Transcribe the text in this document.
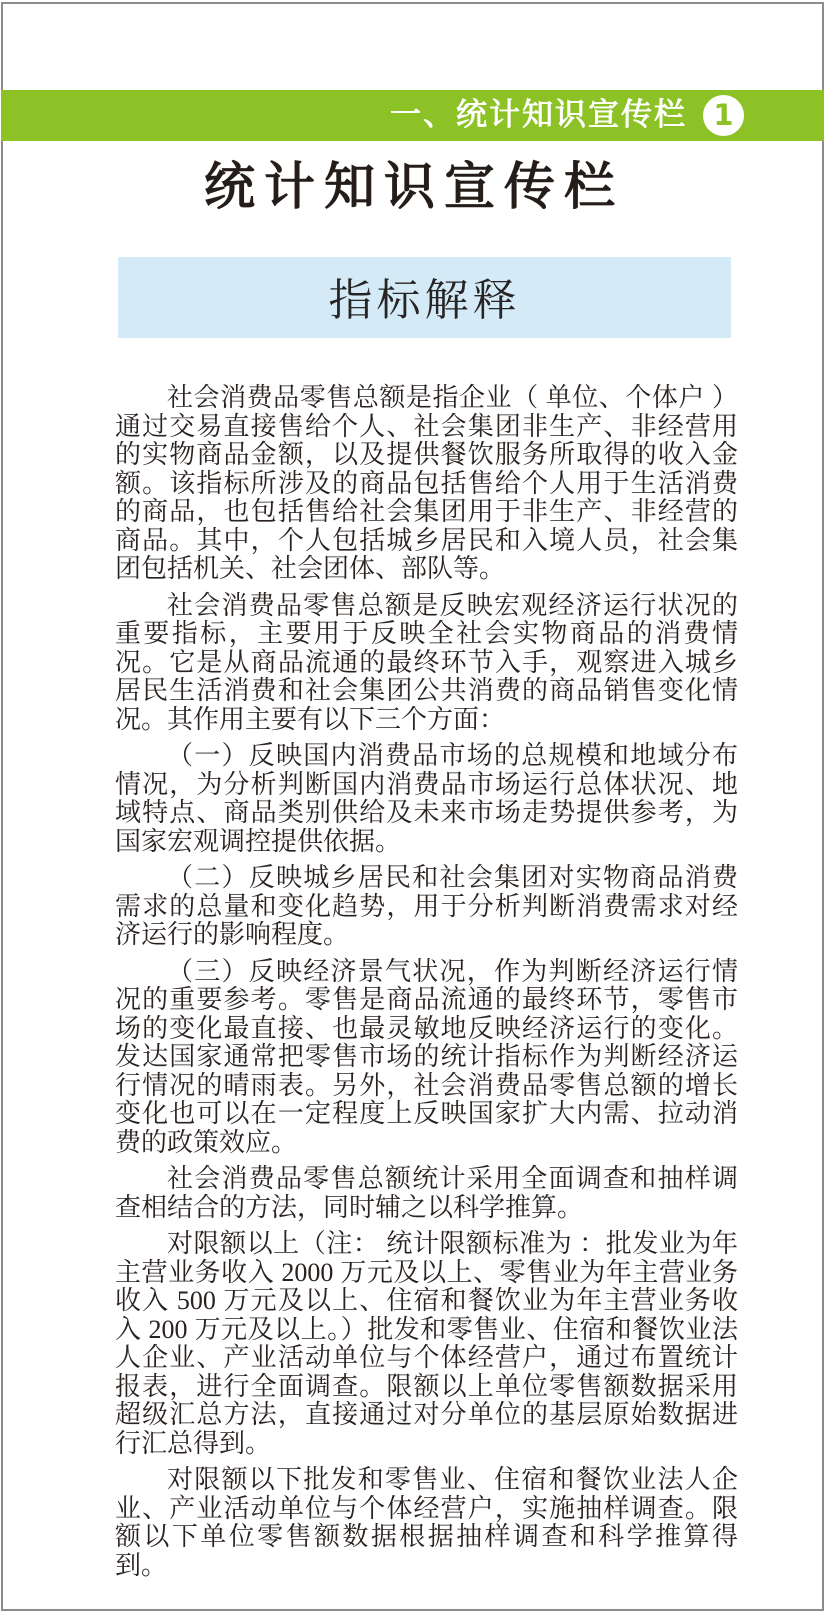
一、统计知识宣传栏 1
统计知识宣传栏
指标解释

社会消费品零售总额是指企业（ 单位、个体户 ） 通过交易直接售给个人、社会集团非生产、非经营用的实物商品金额，以及提供餐饮服务所取得的收入金额。该指标所涉及的商品包括售给个人用于生活消费的商品，也包括售给社会集团用于非生产、非经营的商品。其中，个人包括城乡居民和入境人员，社会集团包括机关、社会团体、部队等。

社会消费品零售总额是反映宏观经济运行状况的重要指标，主要用于反映全社会实物商品的消费情况。它是从商品流通的最终环节入手，观察进入城乡居民生活消费和社会集团公共消费的商品销售变化情况。其作用主要有以下三个方面：

（一）反映国内消费品市场的总规模和地域分布情况，为分析判断国内消费品市场运行总体状况、地域特点、商品类别供给及未来市场走势提供参考，为国家宏观调控提供依据。

（二）反映城乡居民和社会集团对实物商品消费需求的总量和变化趋势，用于分析判断消费需求对经济运行的影响程度。

（三）反映经济景气状况，作为判断经济运行情况的重要参考。零售是商品流通的最终环节，零售市场的变化最直接、也最灵敏地反映经济运行的变化。发达国家通常把零售市场的统计指标作为判断经济运行情况的晴雨表。另外，社会消费品零售总额的增长变化也可以在一定程度上反映国家扩大内需、拉动消费的政策效应。

社会消费品零售总额统计采用全面调查和抽样调查相结合的方法，同时辅之以科学推算。

对限额以上（注： 统计限额标准为 ：批发业为年主营业务收入 2000 万元及以上、零售业为年主营业务收入 500 万元及以上、住宿和餐饮业为年主营业务收入 200 万元及以上。）批发和零售业、住宿和餐饮业法人企业、产业活动单位与个体经营户，通过布置统计报表，进行全面调查。限额以上单位零售额数据采用超级汇总方法，直接通过对分单位的基层原始数据进行汇总得到。

对限额以下批发和零售业、住宿和餐饮业法人企业、产业活动单位与个体经营户，实施抽样调查。限额以下单位零售额数据根据抽样调查和科学推算得到。
